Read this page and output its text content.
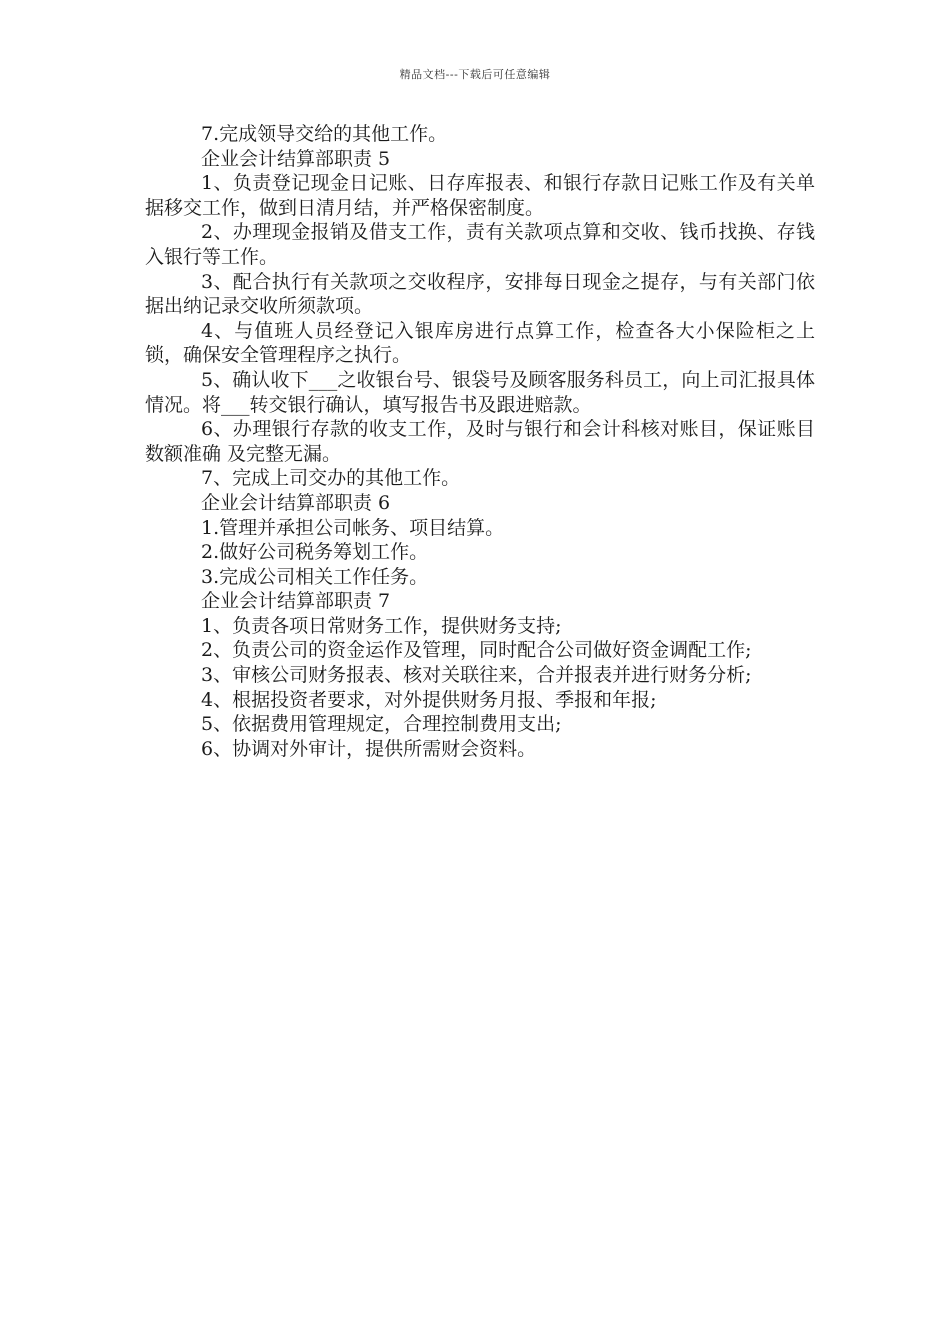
精品文档---下载后可任意编辑

7.完成领导交给的其他工作。

企业会计结算部职责 5

1、负责登记现金日记账、日存库报表、和银行存款日记账工作及有关单据移交工作，做到日清月结，并严格保密制度。

2、办理现金报销及借支工作，责有关款项点算和交收、钱币找换、存钱入银行等工作。

3、配合执行有关款项之交收程序，安排每日现金之提存，与有关部门依据出纳记录交收所须款项。

4、与值班人员经登记入银库房进行点算工作，检查各大小保险柜之上锁，确保安全管理程序之执行。

5、确认收下___之收银台号、银袋号及顾客服务科员工，向上司汇报具体情况。将___转交银行确认，填写报告书及跟进赔款。

6、办理银行存款的收支工作，及时与银行和会计科核对账目，保证账目数额准确 及完整无漏。

7、完成上司交办的其他工作。

企业会计结算部职责 6

1.管理并承担公司帐务、项目结算。

2.做好公司税务筹划工作。

3.完成公司相关工作任务。

企业会计结算部职责 7

1、负责各项日常财务工作，提供财务支持;

2、负责公司的资金运作及管理，同时配合公司做好资金调配工作;

3、审核公司财务报表、核对关联往来，合并报表并进行财务分析;

4、根据投资者要求，对外提供财务月报、季报和年报;

5、依据费用管理规定，合理控制费用支出;

6、协调对外审计，提供所需财会资料。
